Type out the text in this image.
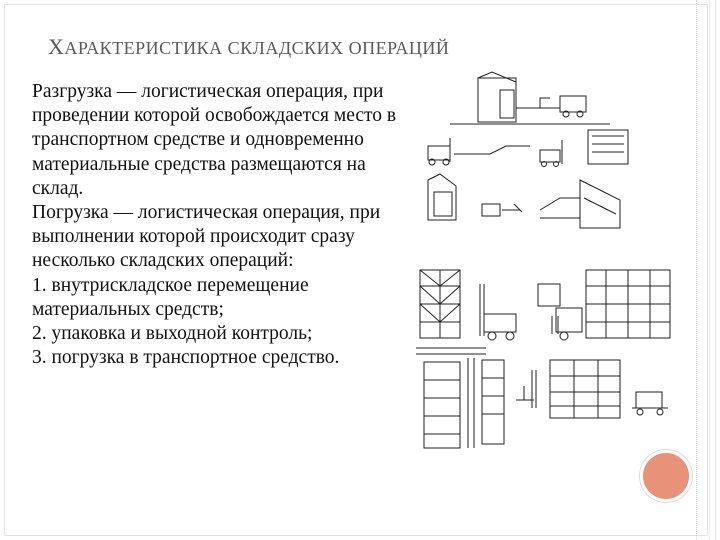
ХАРАКТЕРИСТИКА СКЛАДСКИХ ОПЕРАЦИЙ
Разгрузка — логистическая операция, при проведении которой освобождается место в транспортном средстве и одновременно материальные средства размещаются на склад.
Погрузка — логистическая операция, при выполнении которой происходит сразу несколько складских операций:
1. внутрискладское перемещение материальных средств;
2. упаковка и выходной контроль;
3. погрузка в транспортное средство.
